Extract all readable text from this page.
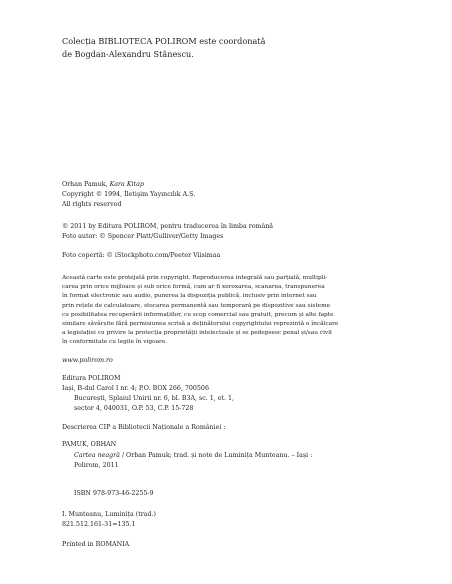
Colecția BIBLIOTECA POLIROM este coordonată
de Bogdan-Alexandru Stănescu.
Orhan Pamuk, Kara Kitap
Copyright © 1994, İletişim Yayıncılık A.Ș.
All rights reserved
© 2011 by Editura POLIROM, pentru traducerea în limba română
Foto autor: © Spencer Platt/Gulliver/Getty Images
Foto copertă: © iStockphoto.com/Peeter Viisimaa
Această carte este protejată prin copyright. Reproducerea integrală sau parțială, multipli-
carea prin orice mijloace și sub orice formă, cum ar fi xeroxarea, scanarea, transpunerea
în format electronic sau audio, punerea la dispoziția publică, inclusiv prin internet sau
prin rețele de calculatoare, stocarea permanentă sau temporară pe dispozitive sau sisteme
cu posibilitatea recuperării informațiilor, cu scop comercial sau gratuit, precum și alte fapte
similare săvârșite fără permisiunea scrisă a deținătorului copyrightului reprezintă o încălcare
a legislației cu privire la protecția proprietății intelectuale și se pedepsesc penal și/sau civil
în conformitate cu legile în vigoare.
www.polirom.ro
Editura POLIROM
Iași, B-dul Carol I nr. 4; P.O. BOX 266, 700506
București, Splaiul Unirii nr. 6, bl. B3A, sc. 1, et. 1,
sector 4, 040031, O.P. 53, C.P. 15-728
Descrierea CIP a Bibliotecii Naționale a României :
PAMUK, ORHAN
Cartea neagră / Orhan Pamuk; trad. și note de Luminița Munteanu. – Iași :
Polirom, 2011
ISBN 978-973-46-2255-9
I. Munteanu, Luminița (trad.)
821.512.161-31=135.1
Printed in ROMANIA
